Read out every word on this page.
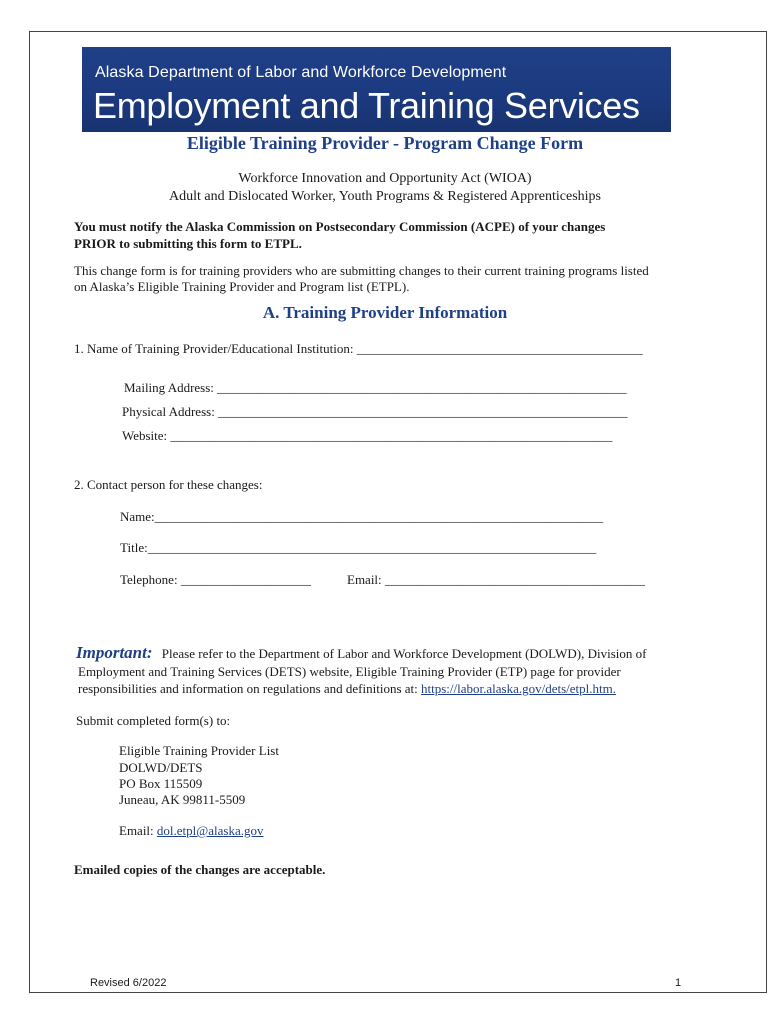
Alaska Department of Labor and Workforce Development
Employment and Training Services
Eligible Training Provider - Program Change Form
Workforce Innovation and Opportunity Act (WIOA)
Adult and Dislocated Worker, Youth Programs & Registered Apprenticeships
You must notify the Alaska Commission on Postsecondary Commission (ACPE) of your changes
PRIOR to submitting this form to ETPL.
This change form is for training providers who are submitting changes to their current training programs listed
on Alaska’s Eligible Training Provider and Program list (ETPL).
A. Training Provider Information
1. Name of Training Provider/Educational Institution: ____________________________________________
Mailing Address: _______________________________________________________________
Physical Address: _______________________________________________________________
Website: ____________________________________________________________________
2. Contact person for these changes:
Name:_____________________________________________________________________
Title:_____________________________________________________________________
Telephone: ____________________	Email: ________________________________________
Important: Please refer to the Department of Labor and Workforce Development (DOLWD), Division of
Employment and Training Services (DETS) website, Eligible Training Provider (ETP) page for provider
responsibilities and information on regulations and definitions at: https://labor.alaska.gov/dets/etpl.htm.
Submit completed form(s) to:
Eligible Training Provider List
DOLWD/DETS
PO Box 115509
Juneau, AK 99811-5509
Email: dol.etpl@alaska.gov
Emailed copies of the changes are acceptable.
Revised 6/2022	1
